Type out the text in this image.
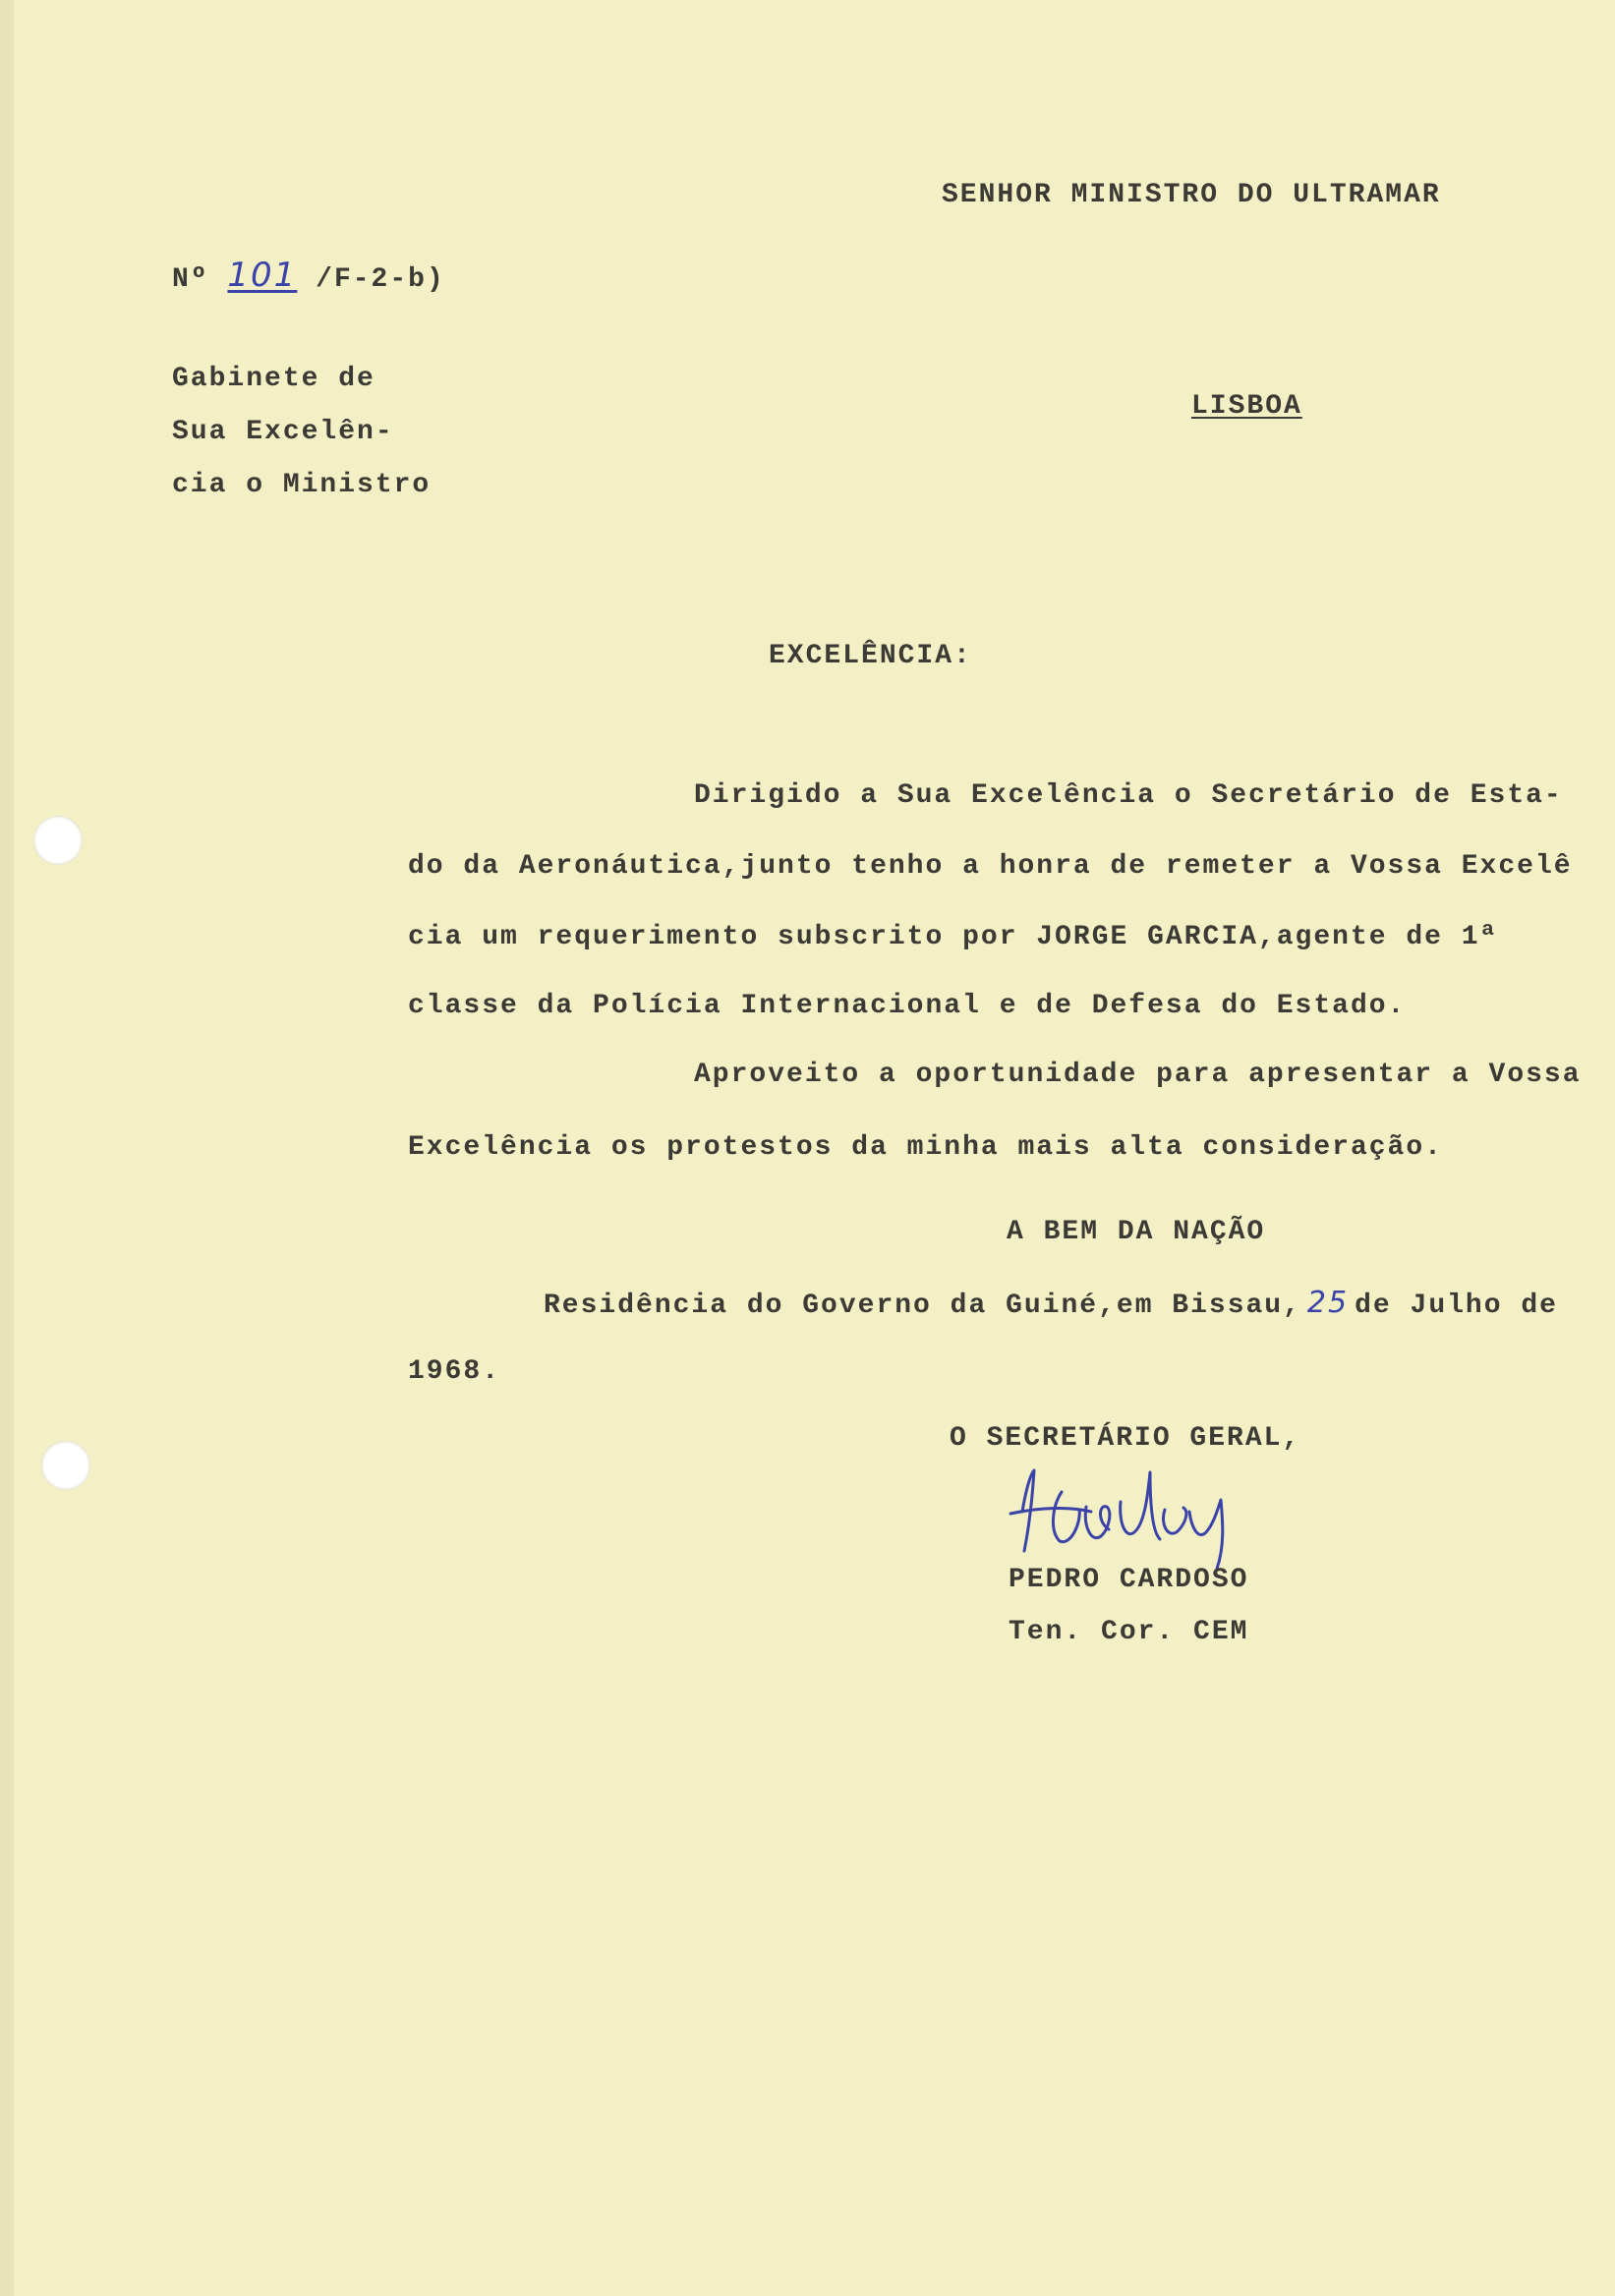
SENHOR MINISTRO DO ULTRAMAR
Nº 101 /F-2-b)
Gabinete de
Sua Excelên-
cia o Ministro
LISBOA
EXCELÊNCIA:
Dirigido a Sua Excelência o Secretário de Esta-
do da Aeronáutica,junto tenho a honra de remeter a Vossa Excelê
cia um requerimento subscrito por JORGE GARCIA,agente de 1ª
classe da Polícia Internacional e de Defesa do Estado.
Aproveito a oportunidade para apresentar a Vossa
Excelência os protestos da minha mais alta consideração.
A BEM DA NAÇÃO
Residência do Governo da Guiné,em Bissau, 25 de Julho de
1968.
O SECRETÁRIO GERAL,
PEDRO CARDOSO
Ten. Cor. CEM
